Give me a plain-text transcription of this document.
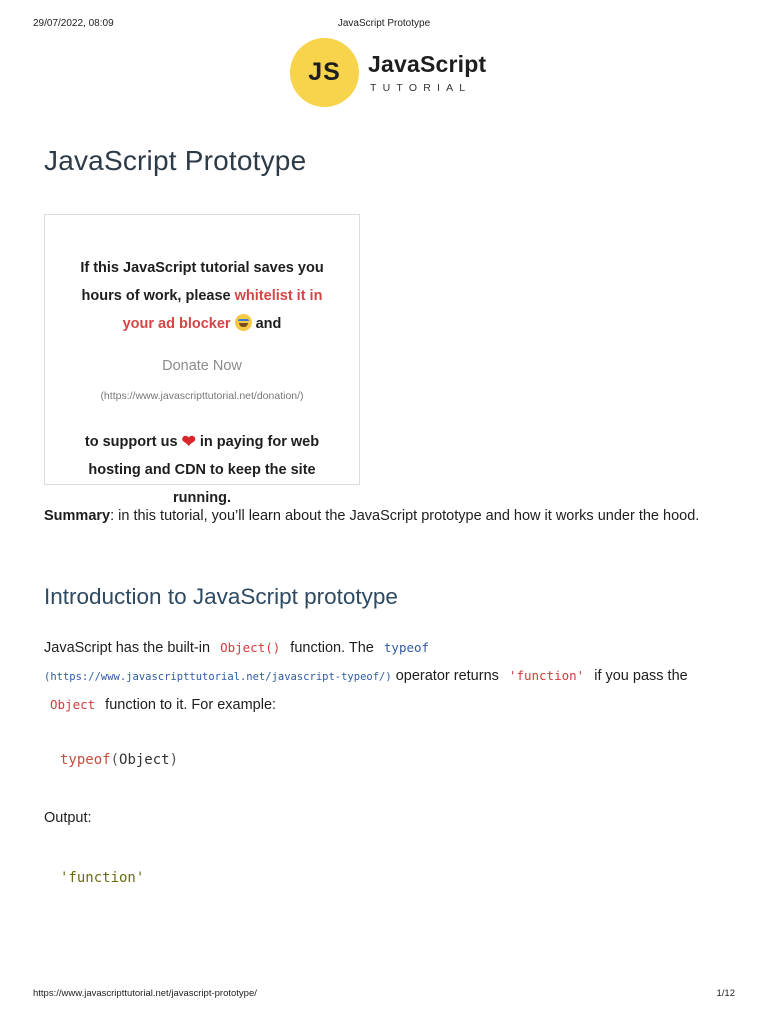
29/07/2022, 08:09	JavaScript Prototype
JS	JavaScript
TUTORIAL
JavaScript Prototype
If this JavaScript tutorial saves you hours of work, please whitelist it in your ad blocker  and
Donate Now
(https://www.javascripttutorial.net/donation/)
to support us ❤ in paying for web hosting and CDN to keep the site running.

Summary: in this tutorial, you’ll learn about the JavaScript prototype and how it works under the hood.

Introduction to JavaScript prototype

JavaScript has the built-in Object() function. The typeof
(https://www.javascripttutorial.net/javascript-typeof/) operator returns 'function' if you pass the
Object function to it. For example:

typeof(Object)
Output:
'function'
https://www.javascripttutorial.net/javascript-prototype/	1/12
